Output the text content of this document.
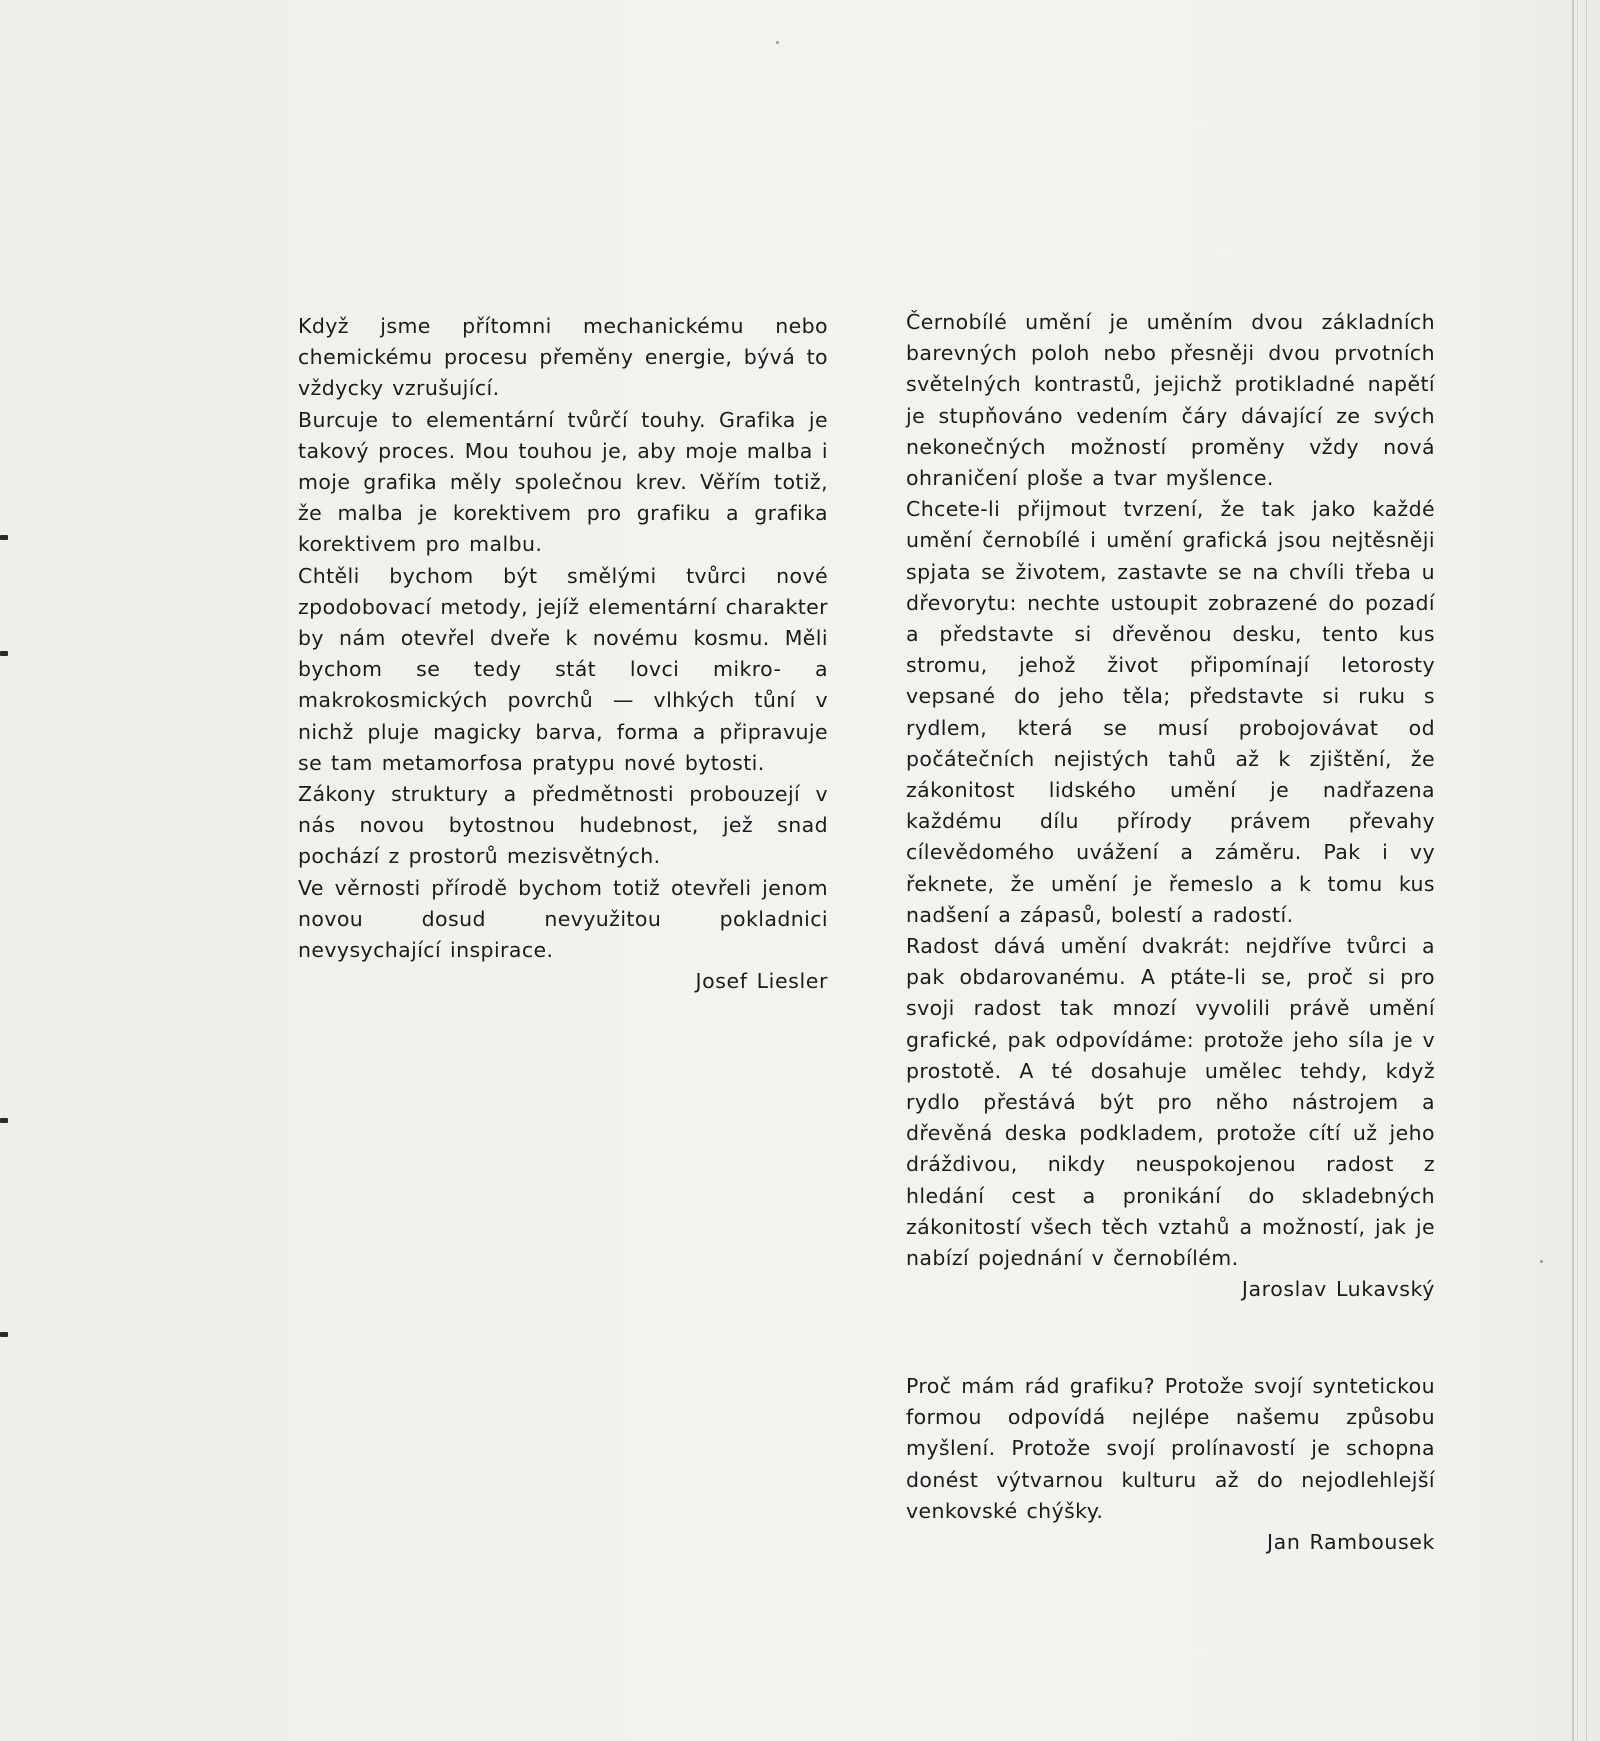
Když jsme přítomni mechanickému nebo chemickému procesu přeměny energie, bývá to vždycky vzrušující.

Burcuje to elementární tvůrčí touhy. Grafika je takový proces. Mou touhou je, aby moje malba i moje grafika měly společnou krev. Věřím totiž, že malba je korektivem pro grafiku a grafika korektivem pro malbu.

Chtěli bychom být smělými tvůrci nové zpodobovací metody, jejíž elementární charakter by nám otevřel dveře k novému kosmu. Měli bychom se tedy stát lovci mikro- a makrokosmických povrchů — vlhkých tůní v nichž pluje magicky barva, forma a připravuje se tam metamorfosa pratypu nové bytosti.

Zákony struktury a předmětnosti probouzejí v nás novou bytostnou hudebnost, jež snad pochází z prostorů mezisvětných.

Ve věrnosti přírodě bychom totiž otevřeli jenom novou dosud nevyužitou pokladnici nevysychající inspirace.

Josef Liesler

Černobílé umění je uměním dvou základních barevných poloh nebo přesněji dvou prvotních světelných kontrastů, jejichž protikladné napětí je stupňováno vedením čáry dávající ze svých nekonečných možností proměny vždy nová ohraničení ploše a tvar myšlence.

Chcete-li přijmout tvrzení, že tak jako každé umění černobílé i umění grafická jsou nejtěsněji spjata se životem, zastavte se na chvíli třeba u dřevorytu: nechte ustoupit zobrazené do pozadí a představte si dřevěnou desku, tento kus stromu, jehož život připomínají letorosty vepsané do jeho těla; představte si ruku s rydlem, která se musí probojovávat od počátečních nejistých tahů až k zjištění, že zákonitost lidského umění je nadřazena každému dílu přírody právem převahy cílevědomého uvážení a záměru. Pak i vy řeknete, že umění je řemeslo a k tomu kus nadšení a zápasů, bolestí a radostí.

Radost dává umění dvakrát: nejdříve tvůrci a pak obdarovanému. A ptáte-li se, proč si pro svoji radost tak mnozí vyvolili právě umění grafické, pak odpovídáme: protože jeho síla je v prostotě. A té dosahuje umělec tehdy, když rydlo přestává být pro něho nástrojem a dřevěná deska podkladem, protože cítí už jeho dráždivou, nikdy neuspokojenou radost z hledání cest a pronikání do skladebných zákonitostí všech těch vztahů a možností, jak je nabízí pojednání v černobílém.

Jaroslav Lukavský

Proč mám rád grafiku? Protože svojí syntetickou formou odpovídá nejlépe našemu způsobu myšlení. Protože svojí prolínavostí je schopna donést výtvarnou kulturu až do nejodlehlejší venkovské chýšky.

Jan Rambousek
